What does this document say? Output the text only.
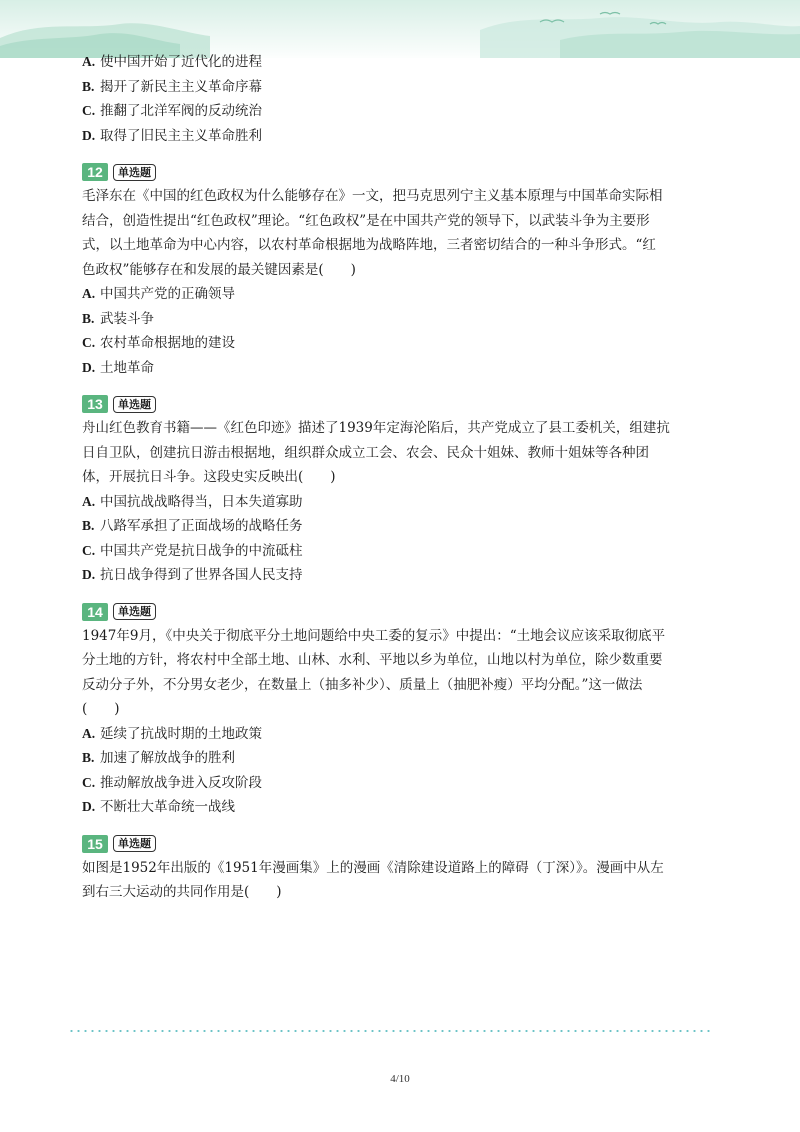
A. 使中国开始了近代化的进程
B. 揭开了新民主主义革命序幕
C. 推翻了北洋军阀的反动统治
D. 取得了旧民主主义革命胜利
12	单选题
毛泽东在《中国的红色政权为什么能够存在》一文，把马克思列宁主义基本原理与中国革命实际相
结合，创造性提出“红色政权”理论。“红色政权”是在中国共产党的领导下，以武装斗争为主要形
式，以土地革命为中心内容，以农村革命根据地为战略阵地，三者密切结合的一种斗争形式。“红
色政权”能够存在和发展的最关键因素是(　　)
A. 中国共产党的正确领导
B. 武装斗争
C. 农村革命根据地的建设
D. 土地革命
13	单选题
舟山红色教育书籍——《红色印迹》描述了1939年定海沦陷后，共产党成立了县工委机关，组建抗
日自卫队，创建抗日游击根据地，组织群众成立工会、农会、民众十姐妹、教师十姐妹等各种团
体，开展抗日斗争。这段史实反映出(　　)
A. 中国抗战战略得当，日本失道寡助
B. 八路军承担了正面战场的战略任务
C. 中国共产党是抗日战争的中流砥柱
D. 抗日战争得到了世界各国人民支持
14	单选题
1947年9月，《中央关于彻底平分土地问题给中央工委的复示》中提出：“土地会议应该采取彻底平
分土地的方针，将农村中全部土地、山林、水利、平地以乡为单位，山地以村为单位，除少数重要
反动分子外，不分男女老少，在数量上（抽多补少）、质量上（抽肥补瘦）平均分配。”这一做法
(　　)
A. 延续了抗战时期的土地政策
B. 加速了解放战争的胜利
C. 推动解放战争进入反攻阶段
D. 不断壮大革命统一战线
15	单选题
如图是1952年出版的《1951年漫画集》上的漫画《清除建设道路上的障碍（丁深）》。漫画中从左
到右三大运动的共同作用是(　　)
4/10
